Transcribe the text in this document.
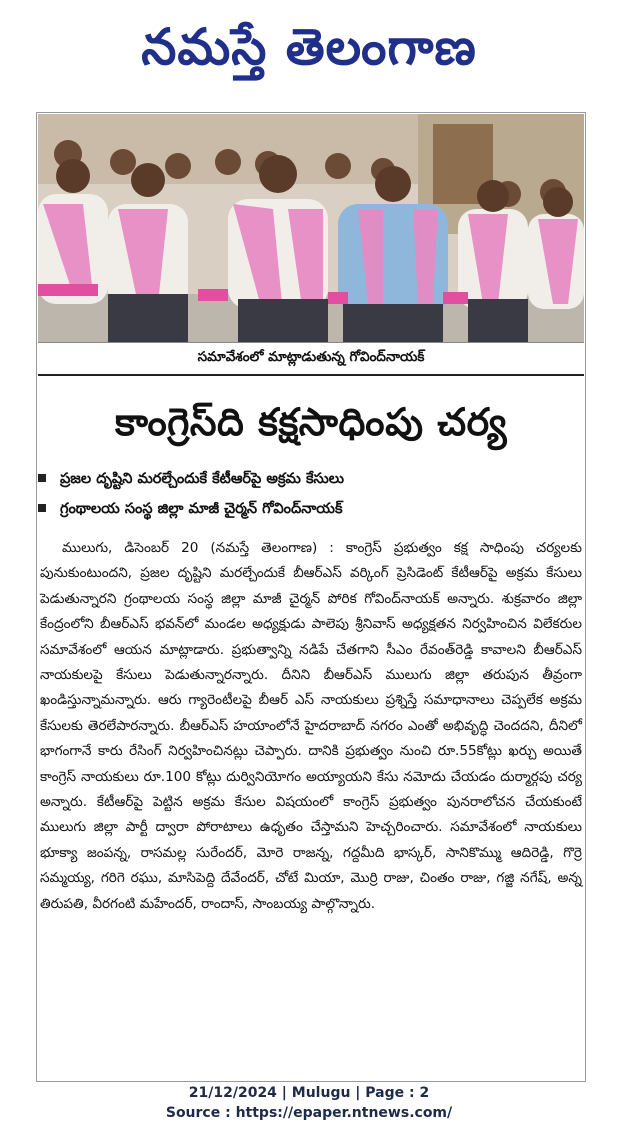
నమస్తే తెలంగాణ
సమావేశంలో మాట్లాడుతున్న గోవింద్‌నాయక్
కాంగ్రెస్‌ది కక్షసాధింపు చర్య
ప్రజల దృష్టిని మరల్చేందుకే కేటీఆర్‌పై అక్రమ కేసులు
గ్రంథాలయ సంస్థ జిల్లా మాజీ చైర్మన్ గోవింద్‌నాయక్

ములుగు, డిసెంబర్ 20 (నమస్తే తెలంగాణ) : కాంగ్రెస్ ప్రభుత్వం కక్ష సాధింపు చర్యలకు పునుకుంటుందని, ప్రజల దృష్టిని మరల్చేందుకే బీఆర్ఎస్ వర్కింగ్ ప్రెసిడెంట్ కేటీఆర్‌పై అక్రమ కేసులు పెడుతున్నారని గ్రంథాలయ సంస్థ జిల్లా మాజీ చైర్మన్ పోరిక గోవింద్‌నాయక్ అన్నారు. శుక్రవారం జిల్లా కేంద్రంలోని బీఆర్ఎస్ భవన్‌లో మండల అధ్యక్షుడు పాలెపు శ్రీనివాస్ అధ్యక్షతన నిర్వహించిన విలేకరుల సమావేశంలో ఆయన మాట్లాడారు. ప్రభుత్వాన్ని నడిపే చేతగాని సీఎం రేవంత్‌రెడ్డి కావాలని బీఆర్ఎస్ నాయకులపై కేసులు పెడుతున్నారన్నారు. దీనిని బీఆర్ఎస్ ములుగు జిల్లా తరుపున తీవ్రంగా ఖండిస్తున్నామన్నారు. ఆరు గ్యారెంటీలపై బీఆర్ ఎస్ నాయకులు ప్రశ్నిస్తే సమాధానాలు చెప్పలేక అక్రమ కేసులకు తెరలేపారన్నారు. బీఆర్ఎస్ హయాంలోనే హైదరాబాద్ నగరం ఎంతో అభివృద్ధి చెందదని, దీనిలో భాగంగానే కారు రేసింగ్ నిర్వహించినట్లు చెప్పారు. దానికి ప్రభుత్వం నుంచి రూ.55కోట్లు ఖర్చు అయితే కాంగ్రెస్ నాయకులు రూ.100 కోట్లు దుర్వినియోగం అయ్యాయని కేసు నమోదు చేయడం దుర్మార్గపు చర్య అన్నారు. కేటీఆర్‌పై పెట్టిన అక్రమ కేసుల విషయంలో కాంగ్రెస్ ప్రభుత్వం పునరాలోచన చేయకుంటే ములుగు జిల్లా పార్టీ ద్వారా పోరాటాలు ఉధృతం చేస్తామని హెచ్చరించారు. సమావేశంలో నాయకులు భూక్యా జంపన్న, రాసమల్ల సురేందర్, మోరె రాజన్న, గద్దమీది భాస్కర్, సానికొమ్ము ఆదిరెడ్డి, గొర్రె సమ్మయ్య, గరిగె రఘు, మాసిపెద్ది దేవేందర్, చోటే మియా, మొర్రి రాజు, చింతం రాజు, గజ్జి నగేష్, అన్న తిరుపతి, వీరగంటి మహేందర్, రాందాస్, సాంబయ్య పాల్గొన్నారు.

21/12/2024 | Mulugu | Page : 2
Source : https://epaper.ntnews.com/
